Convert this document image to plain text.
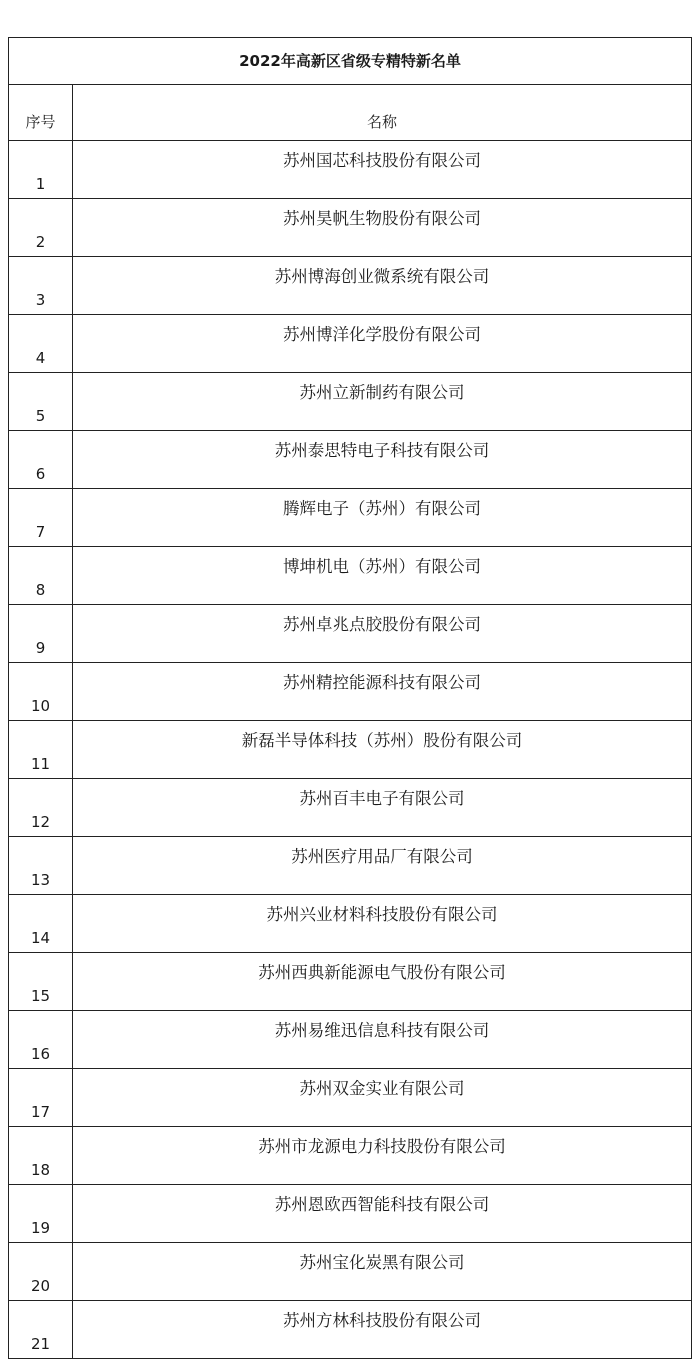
2022年高新区省级专精特新名单	
序号	名称
1	苏州国芯科技股份有限公司
2	苏州昊帆生物股份有限公司
3	苏州博海创业微系统有限公司
4	苏州博洋化学股份有限公司
5	苏州立新制药有限公司
6	苏州泰思特电子科技有限公司
7	腾辉电子（苏州）有限公司
8	博坤机电（苏州）有限公司
9	苏州卓兆点胶股份有限公司
10	苏州精控能源科技有限公司
11	新磊半导体科技（苏州）股份有限公司
12	苏州百丰电子有限公司
13	苏州医疗用品厂有限公司
14	苏州兴业材料科技股份有限公司
15	苏州西典新能源电气股份有限公司
16	苏州易维迅信息科技有限公司
17	苏州双金实业有限公司
18	苏州市龙源电力科技股份有限公司
19	苏州恩欧西智能科技有限公司
20	苏州宝化炭黑有限公司
21	苏州方林科技股份有限公司
